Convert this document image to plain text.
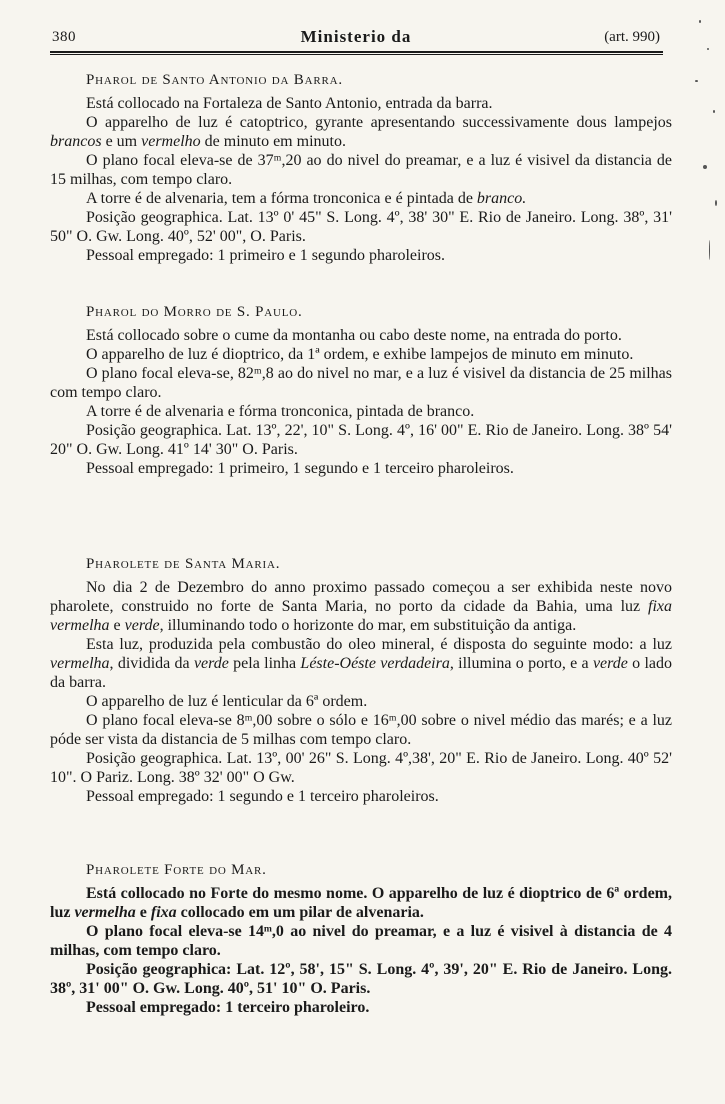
380	Ministerio da	(art. 990)
Pharol de Santo Antonio da Barra.

Está collocado na Fortaleza de Santo Antonio, entrada da barra.

O apparelho de luz é catoptrico, gyrante apresentando successivamente dous lampejos brancos e um vermelho de minuto em minuto.

O plano focal eleva-se de 37ᵐ,20 ao do nivel do preamar, e a luz é visivel da distancia de 15 milhas, com tempo claro.

A torre é de alvenaria, tem a fórma tronconica e é pintada de branco.

Posição geographica. Lat. 13º 0' 45" S. Long. 4º, 38' 30" E. Rio de Janeiro. Long. 38º, 31' 50" O. Gw. Long. 40º, 52' 00", O. Paris.

Pessoal empregado: 1 primeiro e 1 segundo pharoleiros.

Pharol do Morro de S. Paulo.

Está collocado sobre o cume da montanha ou cabo deste nome, na entrada do porto.

O apparelho de luz é dioptrico, da 1ª ordem, e exhibe lampejos de minuto em minuto.

O plano focal eleva-se, 82ᵐ,8 ao do nivel no mar, e a luz é visivel da distancia de 25 milhas com tempo claro.

A torre é de alvenaria e fórma tronconica, pintada de branco.

Posição geographica. Lat. 13º, 22', 10" S. Long. 4º, 16' 00" E. Rio de Janeiro. Long. 38º 54' 20" O. Gw. Long. 41º 14' 30" O. Paris.

Pessoal empregado: 1 primeiro, 1 segundo e 1 terceiro pharoleiros.

Pharolete de Santa Maria.

No dia 2 de Dezembro do anno proximo passado começou a ser exhibida neste novo pharolete, construido no forte de Santa Maria, no porto da cidade da Bahia, uma luz fixa vermelha e verde, illuminando todo o horizonte do mar, em substituição da antiga.

Esta luz, produzida pela combustão do oleo mineral, é disposta do seguinte modo: a luz vermelha, dividida da verde pela linha Léste-Oéste verdadeira, illumina o porto, e a verde o lado da barra.

O apparelho de luz é lenticular da 6ª ordem.

O plano focal eleva-se 8ᵐ,00 sobre o sólo e 16ᵐ,00 sobre o nivel médio das marés; e a luz póde ser vista da distancia de 5 milhas com tempo claro.

Posição geographica. Lat. 13º, 00' 26" S. Long. 4º,38', 20" E. Rio de Janeiro. Long. 40º 52' 10". O Pariz. Long. 38º 32' 00" O Gw.

Pessoal empregado: 1 segundo e 1 terceiro pharoleiros.

Pharolete Forte do Mar.

Está collocado no Forte do mesmo nome. O apparelho de luz é dioptrico de 6ª ordem, luz vermelha e fixa collocado em um pilar de alvenaria.

O plano focal eleva-se 14ᵐ,0 ao nivel do preamar, e a luz é visivel à distancia de 4 milhas, com tempo claro.

Posição geographica: Lat. 12º, 58', 15" S. Long. 4º, 39', 20" E. Rio de Janeiro. Long. 38º, 31' 00" O. Gw. Long. 40º, 51' 10" O. Paris.

Pessoal empregado: 1 terceiro pharoleiro.
